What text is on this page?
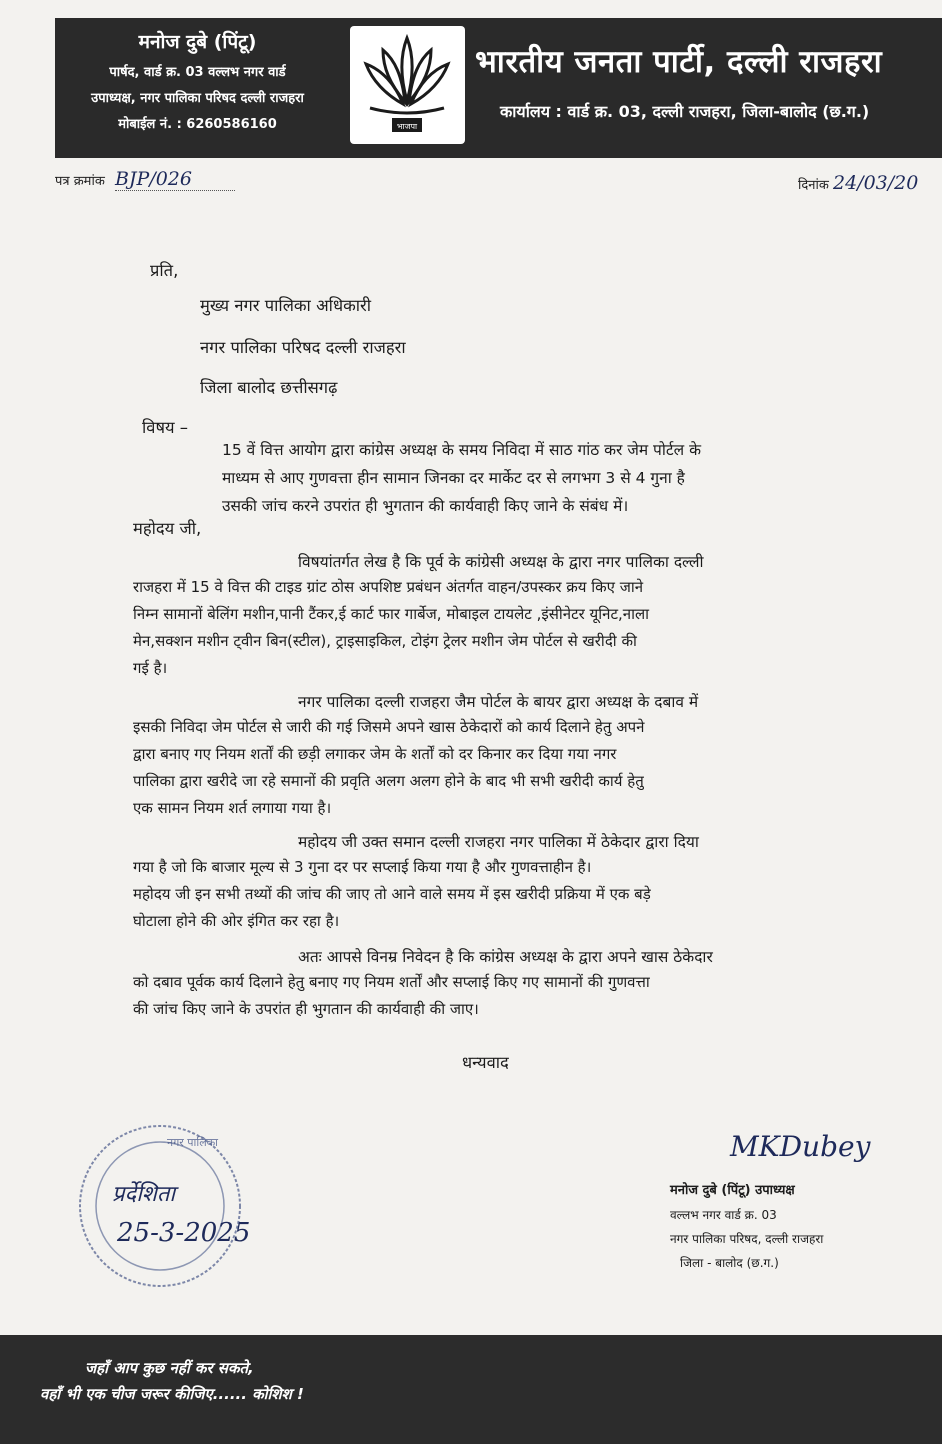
मनोज दुबे (पिंटू)
पार्षद, वार्ड क्र. 03 वल्लभ नगर वार्ड
उपाध्यक्ष, नगर पालिका परिषद दल्ली राजहरा
मोबाईल नं. : 6260586160	भाजपा
भारतीय जनता पार्टी, दल्ली राजहरा
कार्यालय : वार्ड क्र. 03, दल्ली राजहरा, जिला-बालोद (छ.ग.)
पत्र क्रमांक BJP/026	दिनांक 24/03/20
प्रति,
मुख्य नगर पालिका अधिकारी
नगर पालिका परिषद दल्ली राजहरा
जिला बालोद छत्तीसगढ़
विषय –
15 वें वित्त आयोग द्वारा कांग्रेस अध्यक्ष के समय निविदा में साठ गांठ कर जेम पोर्टल के
माध्यम से आए गुणवत्ता हीन सामान जिनका दर मार्केट दर से लगभग 3 से 4 गुना है
उसकी जांच करने उपरांत ही भुगतान की कार्यवाही किए जाने के संबंध में।
महोदय जी,
विषयांतर्गत लेख है कि पूर्व के कांग्रेसी अध्यक्ष के द्वारा नगर पालिका दल्ली
राजहरा में 15 वे वित्त की टाइड ग्रांट ठोस अपशिष्ट प्रबंधन अंतर्गत वाहन/उपस्कर क्रय किए जाने
निम्न सामानों बेलिंग मशीन,पानी टैंकर,ई कार्ट फार गार्बेज, मोबाइल टायलेट ,इंसीनेटर यूनिट,नाला
मेन,सक्शन मशीन ट्वीन बिन(स्टील), ट्राइसाइकिल, टोइंग ट्रेलर मशीन जेम पोर्टल से खरीदी की
गई है।
नगर पालिका दल्ली राजहरा जैम पोर्टल के बायर द्वारा अध्यक्ष के दबाव में
इसकी निविदा जेम पोर्टल से जारी की गई जिसमे अपने खास ठेकेदारों को कार्य दिलाने हेतु अपने
द्वारा बनाए गए नियम शर्तों की छड़ी लगाकर जेम के शर्तों को दर किनार कर दिया गया नगर
पालिका द्वारा खरीदे जा रहे समानों की प्रवृति अलग अलग होने के बाद भी सभी खरीदी कार्य हेतु
एक सामन नियम शर्त लगाया गया है।
महोदय जी उक्त समान दल्ली राजहरा नगर पालिका में ठेकेदार द्वारा दिया
गया है जो कि बाजार मूल्य से 3 गुना दर पर सप्लाई किया गया है और गुणवत्ताहीन है।
महोदय जी इन सभी तथ्यों की जांच की जाए तो आने वाले समय में इस खरीदी प्रक्रिया में एक बड़े
घोटाला होने की ओर इंगित कर रहा है।
अतः आपसे विनम्र निवेदन है कि कांग्रेस अध्यक्ष के द्वारा अपने खास ठेकेदार
को दबाव पूर्वक कार्य दिलाने हेतु बनाए गए नियम शर्तों और सप्लाई किए गए सामानों की गुणवत्ता
की जांच किए जाने के उपरांत ही भुगतान की कार्यवाही की जाए।
धन्यवाद
नगर पालिका
प्रर्देशिता
25-3-2025
MKDubey
मनोज दुबे (पिंटू) उपाध्यक्ष
वल्लभ नगर वार्ड क्र. 03
नगर पालिका परिषद, दल्ली राजहरा
जिला - बालोद (छ.ग.)
जहाँ आप कुछ नहीं कर सकते,
वहाँ भी एक चीज जरूर कीजिए...... कोशिश !
